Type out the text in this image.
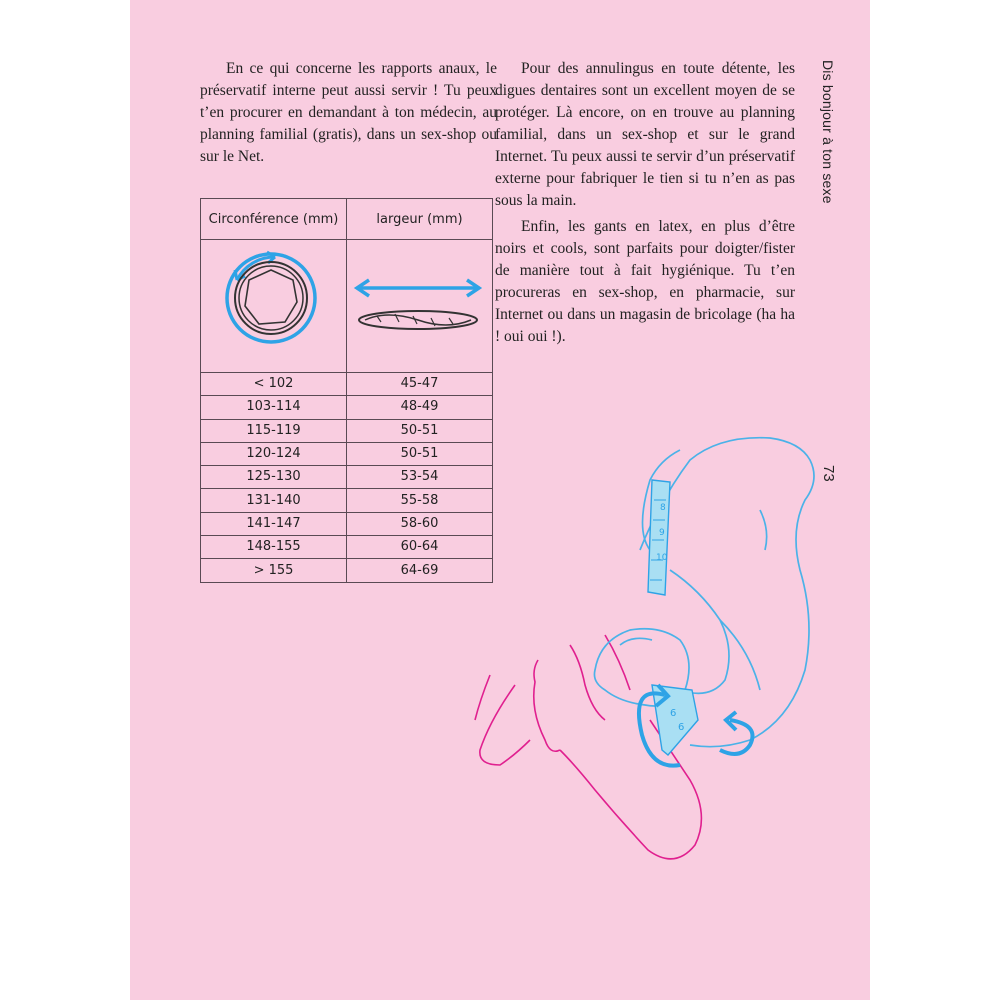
En ce qui concerne les rapports anaux, le préservatif interne peut aussi servir ! Tu peux t’en procurer en demandant à ton médecin, au planning familial (gratis), dans un sex-shop ou sur le Net.

Pour des annulingus en toute détente, les digues dentaires sont un excellent moyen de se protéger. Là encore, on en trouve au planning familial, dans un sex-shop et sur le grand Internet. Tu peux aussi te servir d’un préservatif externe pour fabriquer le tien si tu n’en as pas sous la main.

Enfin, les gants en latex, en plus d’être noirs et cools, sont parfaits pour doigter/fister de manière tout à fait hygiénique. Tu t’en procureras en sex-shop, en pharmacie, sur Internet ou dans un magasin de bricolage (ha ha ! oui oui !).

Dis bonjour à ton sexe
73
Circonférence (mm)	largeur (mm)

< 102	45-47
103-114	48-49
115-119	50-51
120-124	50-51
125-130	53-54
131-140	55-58
141-147	58-60
148-155	60-64
> 155	64-69
6
6
8
9
10
